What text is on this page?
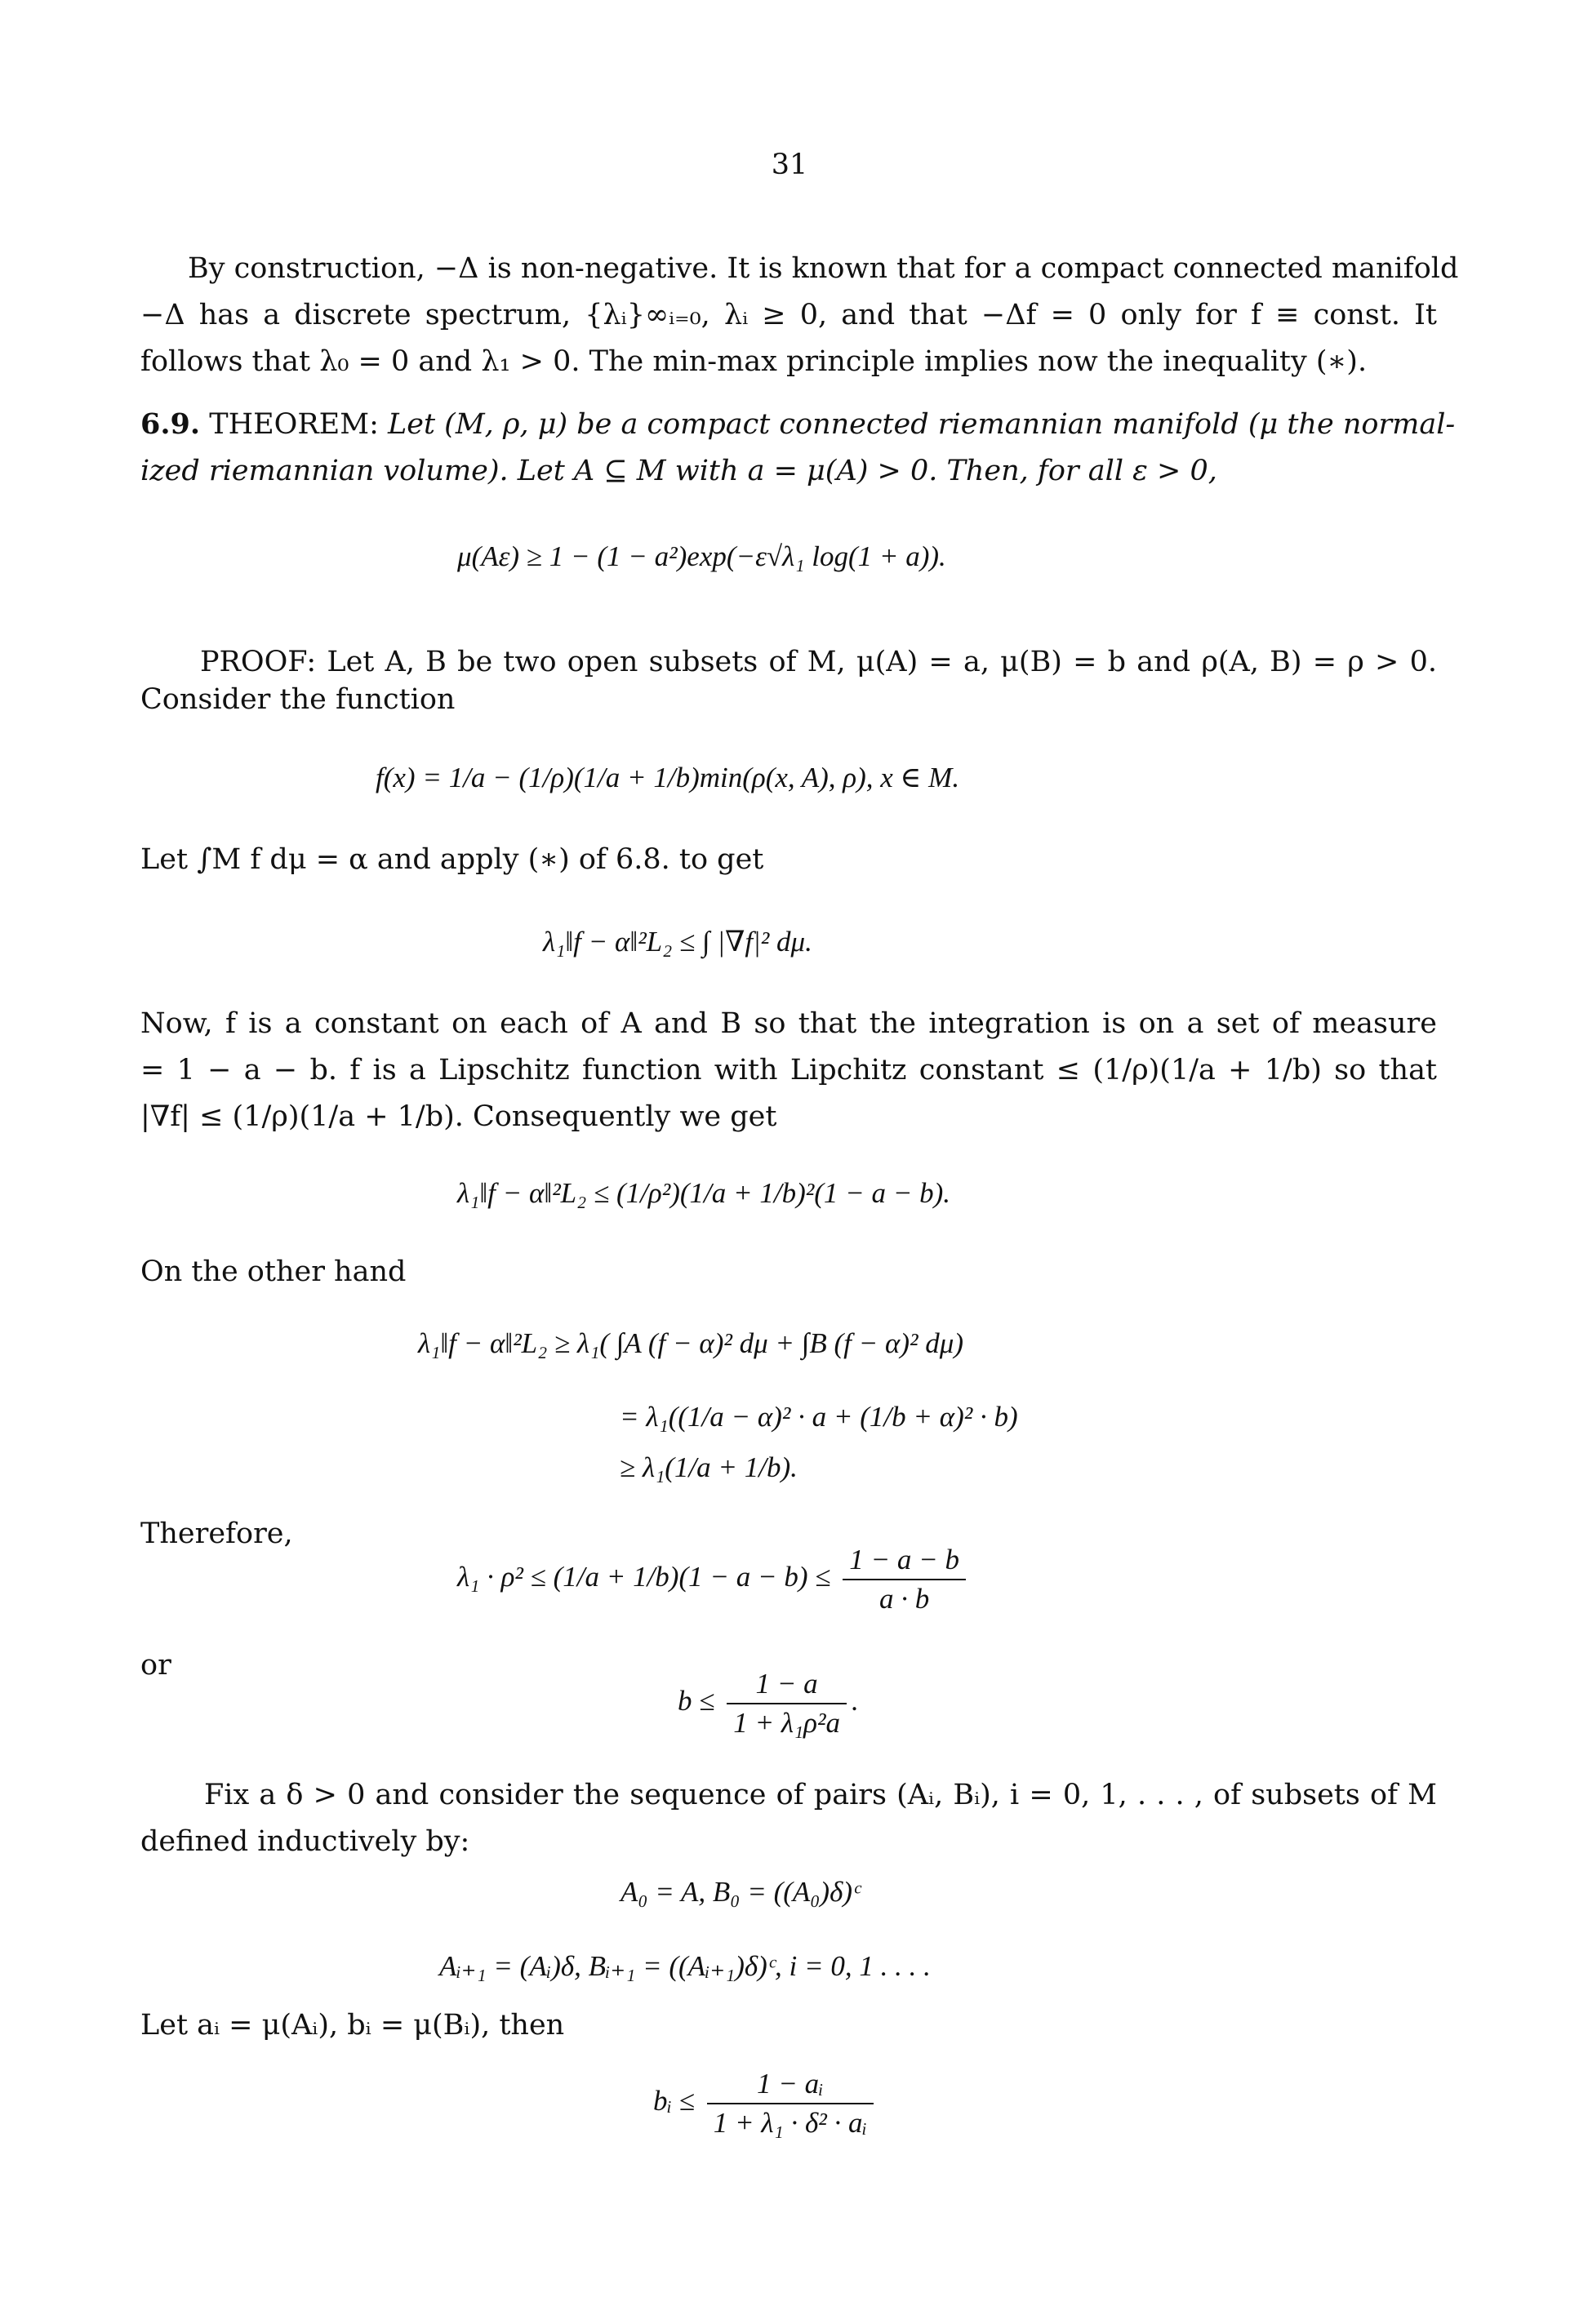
31
By construction, −Δ is non-negative. It is known that for a compact connected manifold
−Δ has a discrete spectrum, {λᵢ}∞ᵢ₌₀, λᵢ ≥ 0, and that −Δf = 0 only for f ≡ const. It
follows that λ₀ = 0 and λ₁ > 0. The min-max principle implies now the inequality (∗).
6.9. THEOREM: Let (M, ρ, μ) be a compact connected riemannian manifold (μ the normal-
ized riemannian volume). Let A ⊆ M with a = μ(A) > 0. Then, for all ε > 0,
μ(Aε) ≥ 1 − (1 − a²)exp(−ε√λ₁ log(1 + a)).
PROOF: Let A, B be two open subsets of M, μ(A) = a, μ(B) = b and ρ(A, B) = ρ > 0.
Consider the function
f(x) = 1/a − (1/ρ)(1/a + 1/b)min(ρ(x, A), ρ), x ∈ M.
Let ∫M f dμ = α and apply (∗) of 6.8. to get
λ₁‖f − α‖²L₂ ≤ ∫ |∇f|² dμ.
Now, f is a constant on each of A and B so that the integration is on a set of measure
= 1 − a − b. f is a Lipschitz function with Lipchitz constant ≤ (1/ρ)(1/a + 1/b) so that
|∇f| ≤ (1/ρ)(1/a + 1/b). Consequently we get
λ₁‖f − α‖²L₂ ≤ (1/ρ²)(1/a + 1/b)²(1 − a − b).
On the other hand
λ₁‖f − α‖²L₂ ≥ λ₁( ∫A (f − α)² dμ + ∫B (f − α)² dμ)
= λ₁((1/a − α)² · a + (1/b + α)² · b)
≥ λ₁(1/a + 1/b).
Therefore,
$\lambda_1 \cdot \rho^2 \le (1/a + 1/b)(1 - a - b) \le \frac{1 - a - b}{a \cdot b}$
or
$b \le \frac{1 - a}{\text{1 + λ₁ρ²a}}$ .
Fix a δ > 0 and consider the sequence of pairs (Aᵢ, Bᵢ), i = 0, 1, . . . , of subsets of M
defined inductively by:
A₀ = A, B₀ = ((A₀)δ)ᶜ
Aᵢ₊₁ = (Aᵢ)δ, Bᵢ₊₁ = ((Aᵢ₊₁)δ)ᶜ, i = 0, 1 . . . .
Let aᵢ = μ(Aᵢ), bᵢ = μ(Bᵢ), then
bᵢ ≤ $\frac{\text{1 − aᵢ}}{\text{1 + λ₁ · δ² · aᵢ}}$
